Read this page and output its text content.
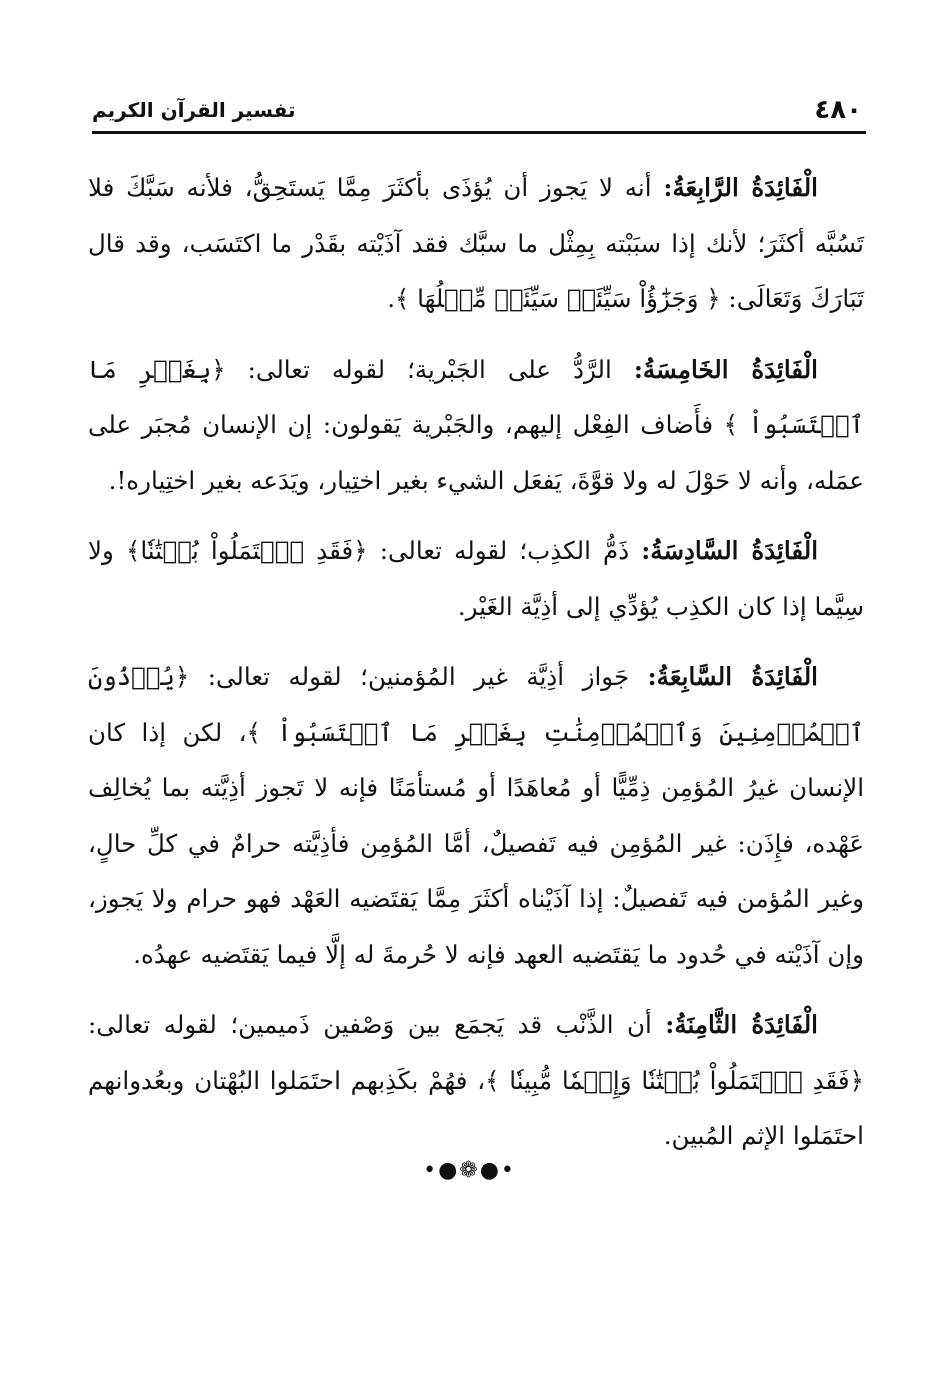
٤٨٠
تفسير القرآن الكريم

الْفَائِدَةُ الرَّابِعَةُ: أنه لا يَجوز أن يُؤذَى بأكثَرَ مِمَّا يَستَحِقُّ، فلأنه سَبَّكَ فلا تَسُبَّه أكثَرَ؛ لأنك إذا سبَبْته بِمِثْل ما سبَّك فقد آذَيْته بقَدْر ما اكتَسَب، وقد قال تَبَارَكَ وَتَعَالَى: ﴿ وَجَزَٰٓؤُاْ سَيِّئَةٖ سَيِّئَةٞ مِّثۡلُهَا ﴾.

الْفَائِدَةُ الخَامِسَةُ: الرَّدُّ على الجَبْرية؛ لقوله تعالى: ﴿بِغَيۡرِ مَا ٱكۡتَسَبُواْ ﴾ فأَضاف الفِعْل إليهم، والجَبْرية يَقولون: إن الإنسان مُجبَر على عمَله، وأنه لا حَوْلَ له ولا قوَّةَ، يَفعَل الشيء بغير اختِيار، ويَدَعه بغير اختِياره!.

الْفَائِدَةُ السَّادِسَةُ: ذَمُّ الكذِب؛ لقوله تعالى: ﴿فَقَدِ ٱحۡتَمَلُواْ بُهۡتَٰنٗا﴾ ولا سِيَّما إذا كان الكذِب يُؤدِّي إلى أذِيَّة الغَيْر.

الْفَائِدَةُ السَّابِعَةُ: جَواز أذِيَّة غير المُؤمنين؛ لقوله تعالى: ﴿يُؤۡذُونَ ٱلۡمُؤۡمِنِينَ وَٱلۡمُؤۡمِنَٰتِ بِغَيۡرِ مَا ٱكۡتَسَبُواْ ﴾، لكن إذا كان الإنسان غيرُ المُؤمِن ذِمِّيًّا أو مُعاهَدًا أو مُستأمَنًا فإنه لا تَجوز أذِيَّته بما يُخالِف عَهْده، فإِذَن: غير المُؤمِن فيه تَفصيلٌ، أمَّا المُؤمِن فأذِيَّته حرامٌ في كلِّ حالٍ، وغير المُؤمن فيه تَفصيلٌ: إذا آذَيْناه أكثَرَ مِمَّا يَقتَضيه العَهْد فهو حرام ولا يَجوز، وإن آذَيْته في حُدود ما يَقتَضيه العهد فإنه لا حُرمةَ له إلَّا فيما يَقتَضيه عهدُه.

الْفَائِدَةُ الثَّامِنَةُ: أن الذَّنْب قد يَجمَع بين وَصْفين ذَميمين؛ لقوله تعالى: ﴿فَقَدِ ٱحۡتَمَلُواْ بُهۡتَٰنٗا وَإِثۡمٗا مُّبِينٗا ﴾، فهُمْ بكَذِبهم احتَمَلوا البُهْتان وبعُدوانهم احتَمَلوا الإثم المُبين.

•●❁●•
